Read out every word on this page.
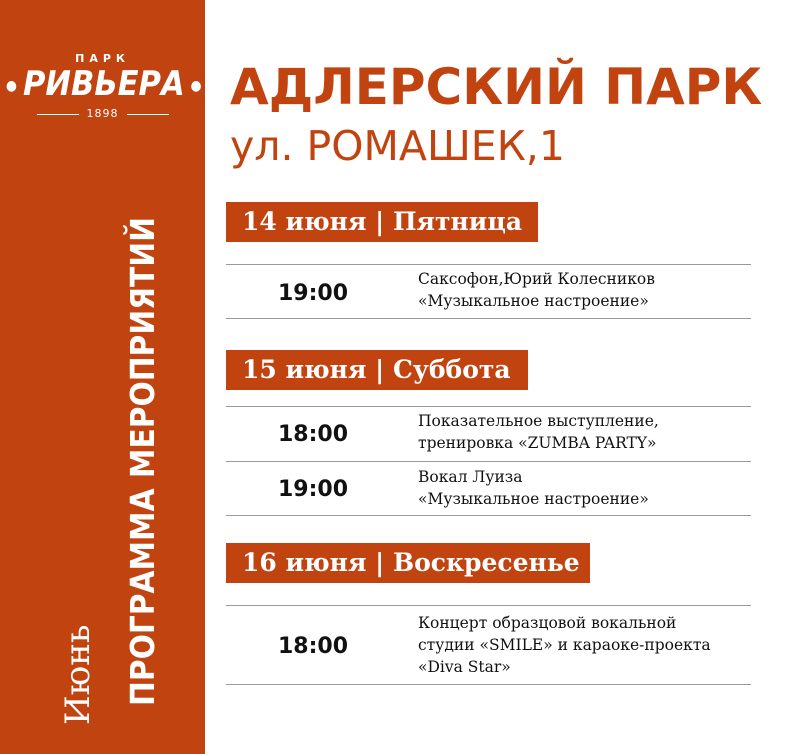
ПАРК
● РИВЬЕРА ●
1898
Июнь ПРОГРАММА МЕРОПРИЯТИЙ
АДЛЕРСКИЙ ПАРК
ул. РОМАШЕК,1
14 июня | Пятница
19:00
Саксофон,Юрий Колесников
«Музыкальное настроение»
15 июня | Суббота
18:00
Показательное выступление,
тренировка «ZUMBA PARTY»
19:00	Вокал Луиза
«Музыкальное настроение»
16 июня | Воскресенье
18:00
Концерт образцовой вокальной
студии «SMILE» и караоке-проекта
«Diva Star»
